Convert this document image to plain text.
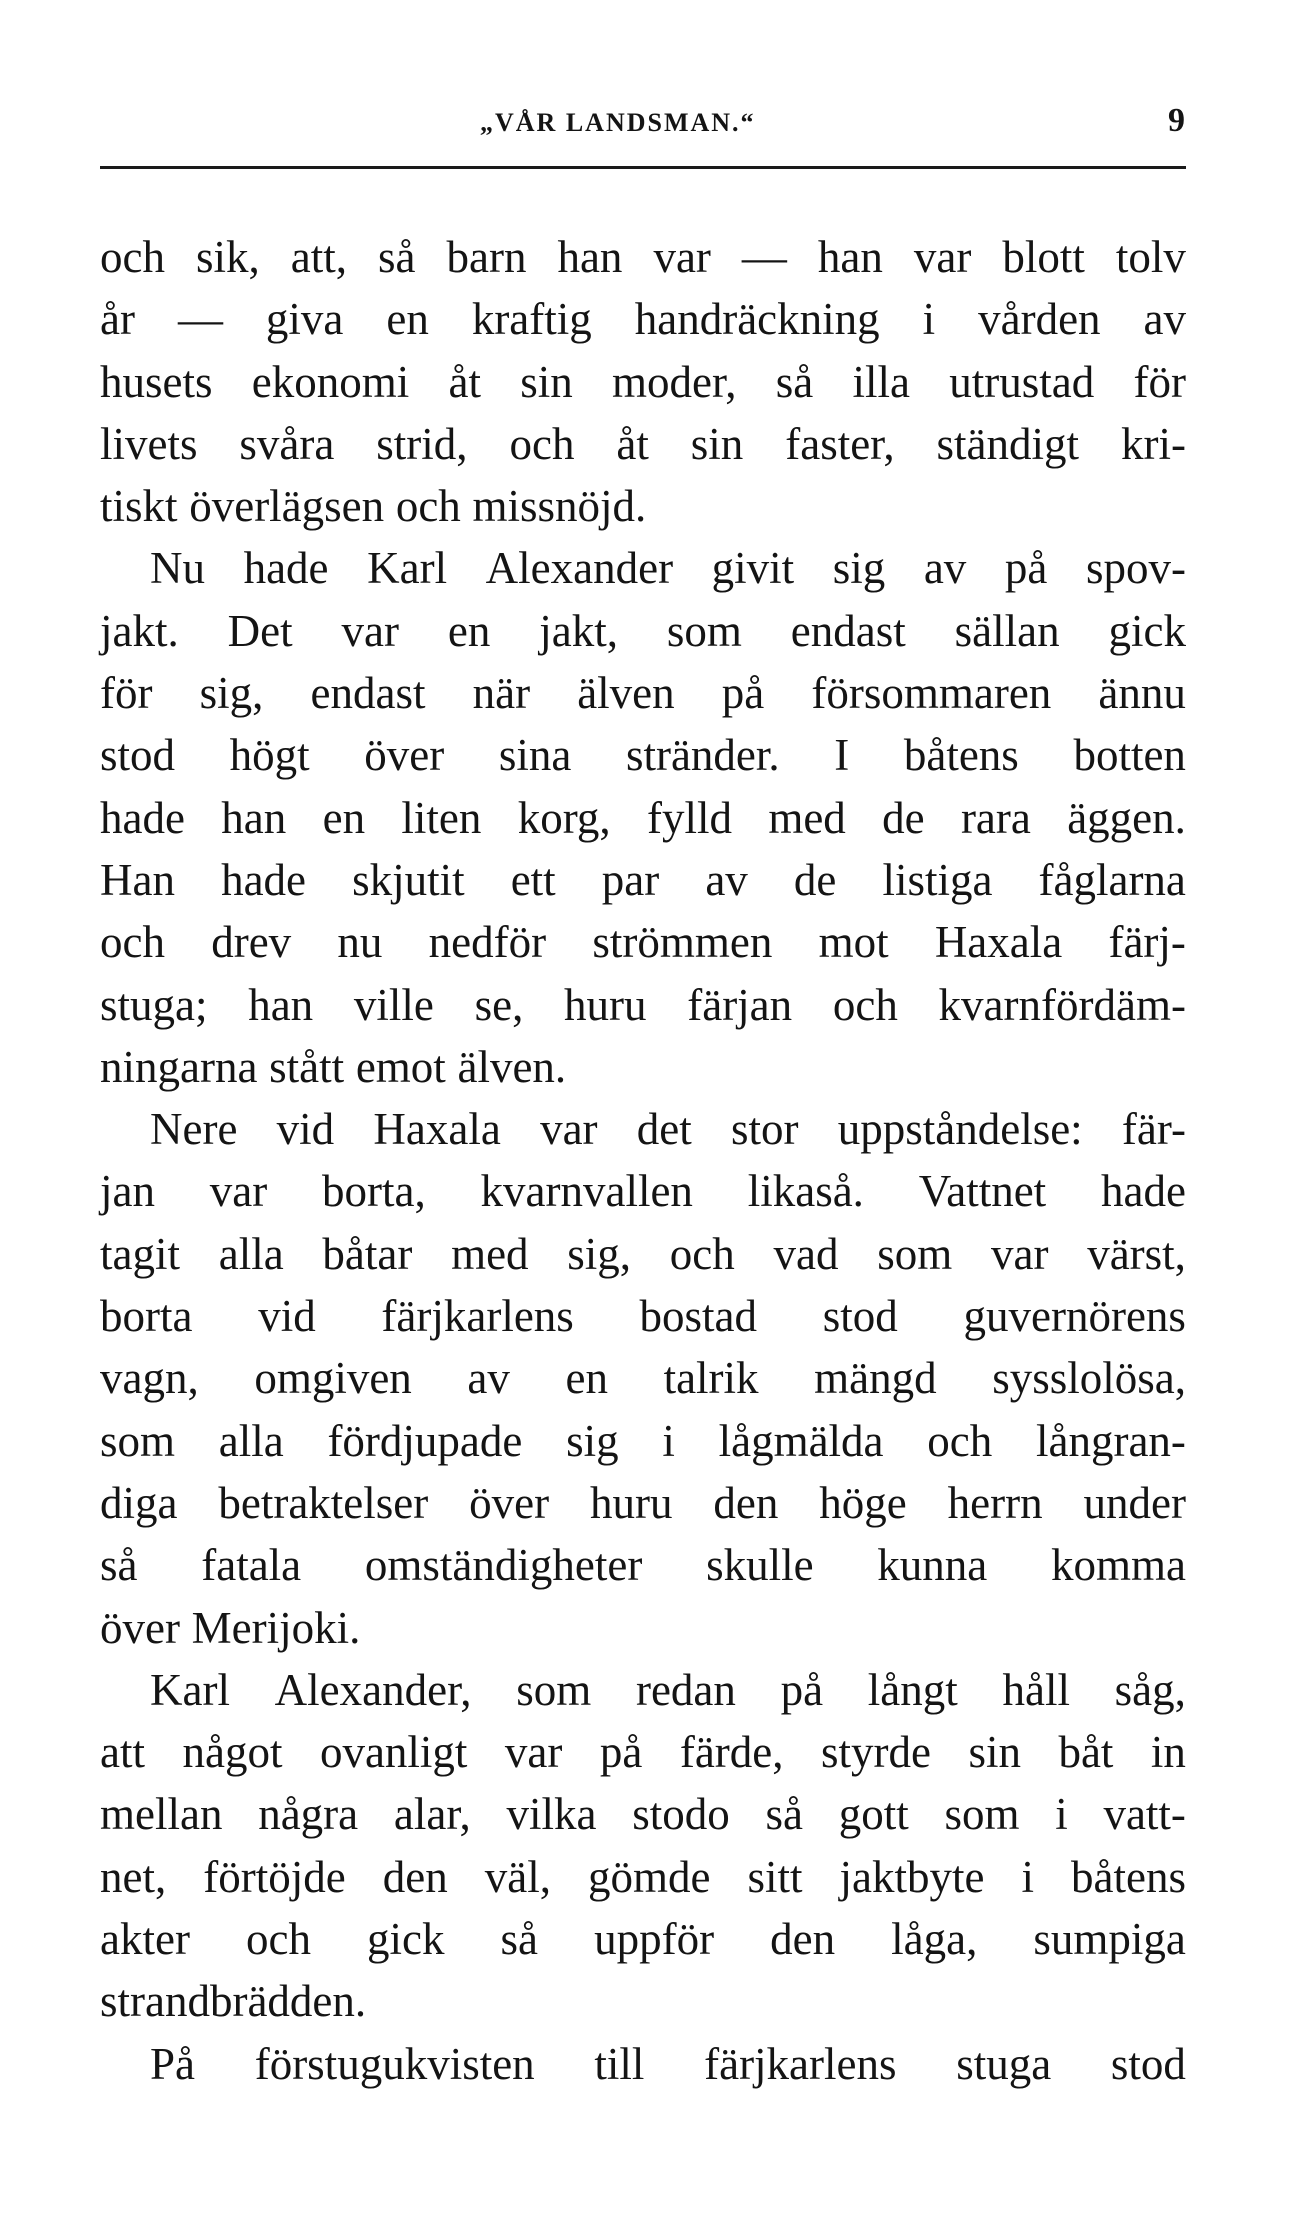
„VÅR LANDSMAN.“	9
och sik, att, så barn han var — han var blott tolv
år — giva en kraftig handräckning i vården av
husets ekonomi åt sin moder, så illa utrustad för
livets svåra strid, och åt sin faster, ständigt kri-
tiskt överlägsen och missnöjd.
Nu hade Karl Alexander givit sig av på spov-
jakt. Det var en jakt, som endast sällan gick
för sig, endast när älven på försommaren ännu
stod högt över sina stränder. I båtens botten
hade han en liten korg, fylld med de rara äggen.
Han hade skjutit ett par av de listiga fåglarna
och drev nu nedför strömmen mot Haxala färj-
stuga; han ville se, huru färjan och kvarnfördäm-
ningarna stått emot älven.
Nere vid Haxala var det stor uppståndelse: fär-
jan var borta, kvarnvallen likaså. Vattnet hade
tagit alla båtar med sig, och vad som var värst,
borta vid färjkarlens bostad stod guvernörens
vagn, omgiven av en talrik mängd sysslolösa,
som alla fördjupade sig i lågmälda och långran-
diga betraktelser över huru den höge herrn under
så fatala omständigheter skulle kunna komma
över Merijoki.
Karl Alexander, som redan på långt håll såg,
att något ovanligt var på färde, styrde sin båt in
mellan några alar, vilka stodo så gott som i vatt-
net, förtöjde den väl, gömde sitt jaktbyte i båtens
akter och gick så uppför den låga, sumpiga
strandbrädden.
På förstugukvisten till färjkarlens stuga stod
